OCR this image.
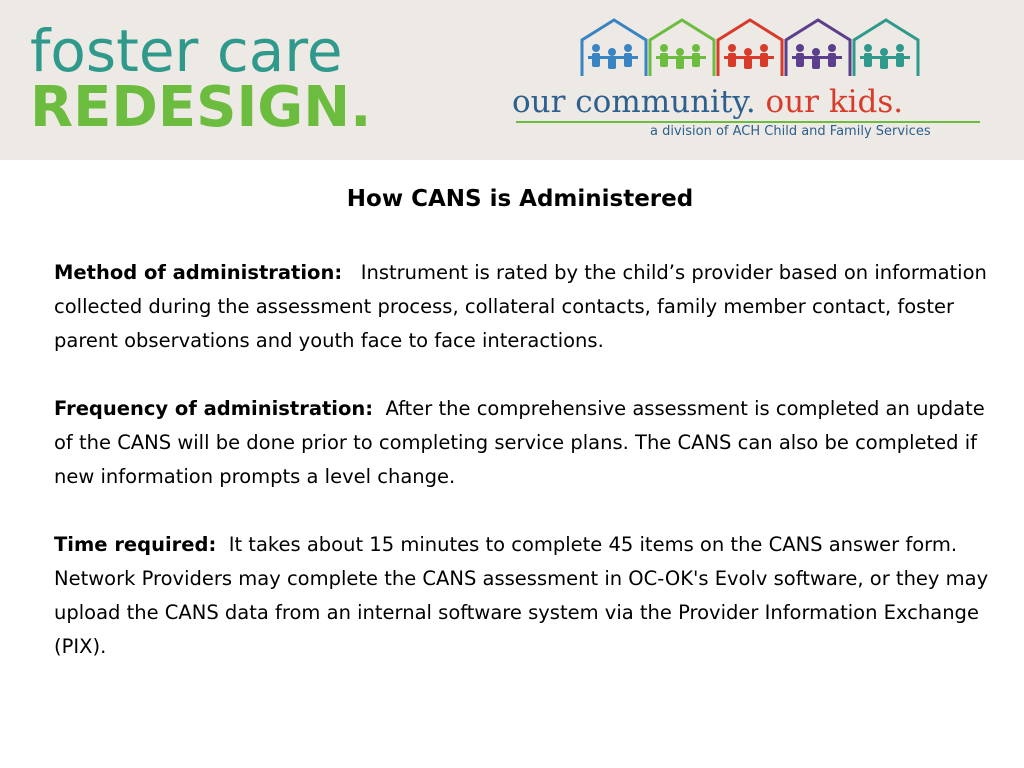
foster care
REDESIGN.	our community. our kids.
a division of ACH Child and Family Services
How CANS is Administered
Method of administration: Instrument is rated by the child’s provider based on information collected during the assessment process, collateral contacts, family member contact, foster parent observations and youth face to face interactions.
Frequency of administration: After the comprehensive assessment is completed an update of the CANS will be done prior to completing service plans. The CANS can also be completed if new information prompts a level change.
Time required: It takes about 15 minutes to complete 45 items on the CANS answer form. Network Providers may complete the CANS assessment in OC-OK's Evolv software, or they may upload the CANS data from an internal software system via the Provider Information Exchange (PIX).
